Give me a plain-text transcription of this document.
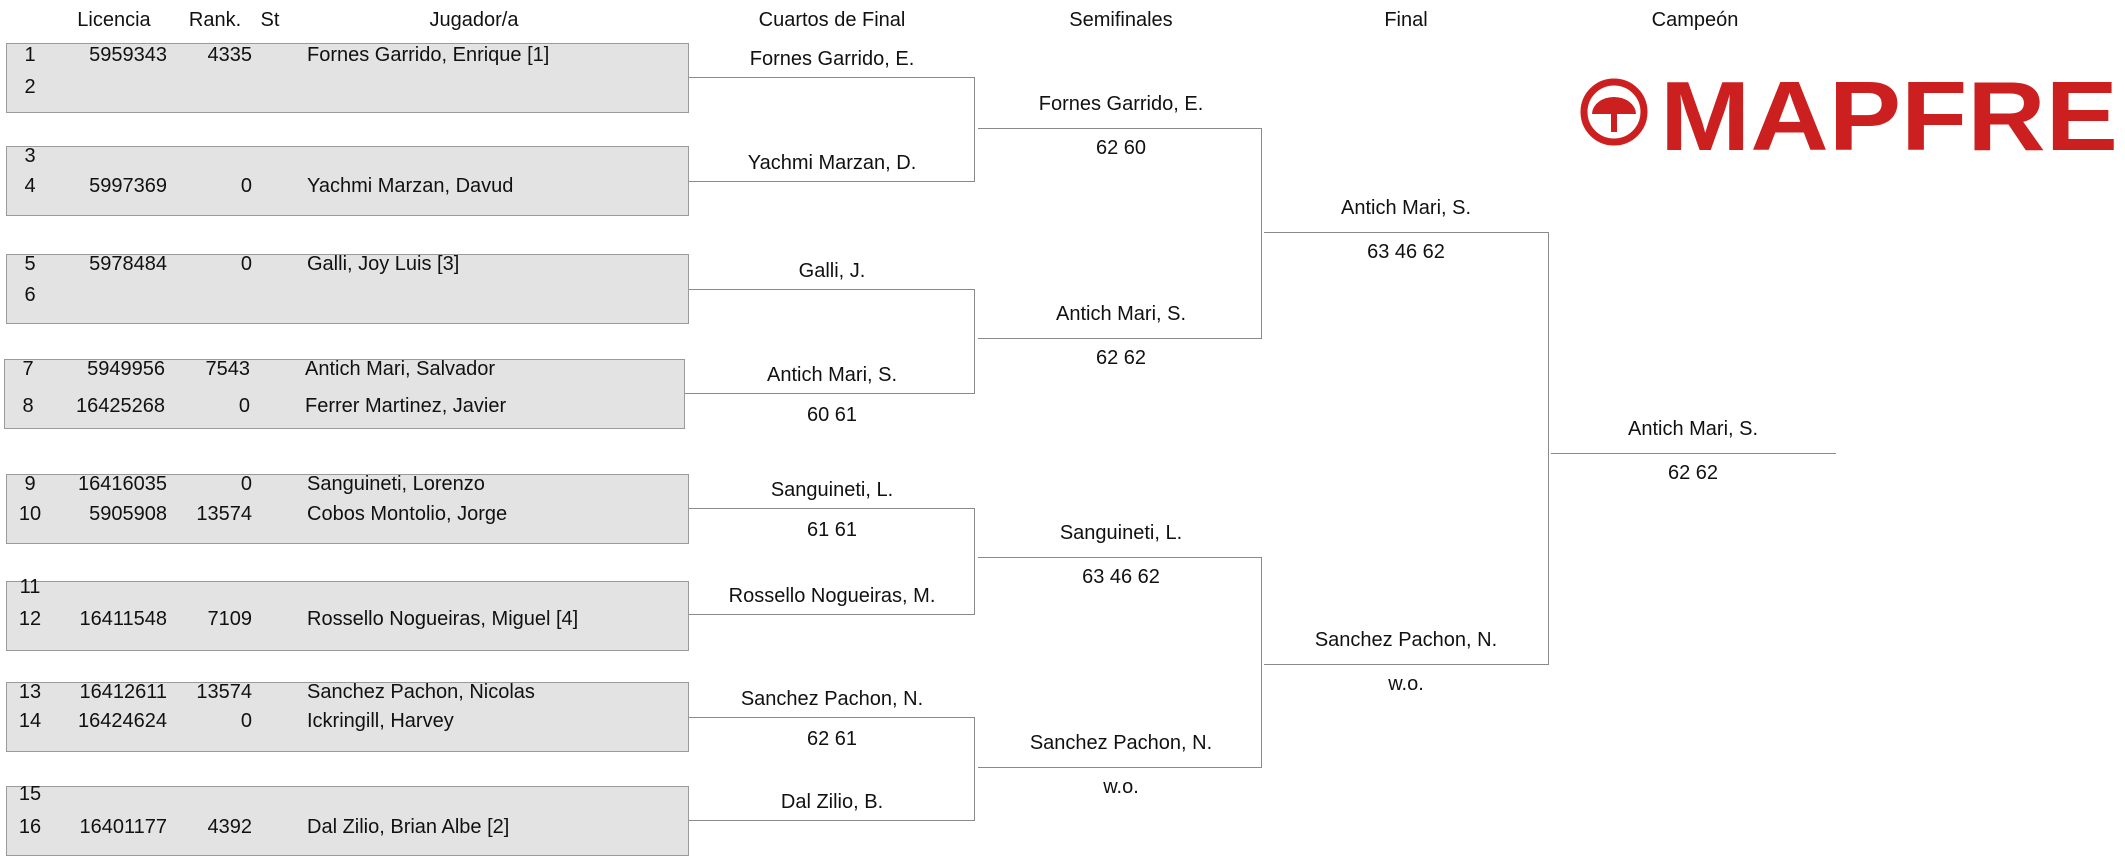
Licencia Rank. St	Jugador/a	Cuartos de Final	Semifinales	Final	Campeón
1	5959343	4335	Fornes Garrido, Enrique [1]
2
3
4	5997369	0	Yachmi Marzan, Davud
5	5978484	0	Galli, Joy Luis [3]
6
7	5949956	7543	Antich Mari, Salvador
8	16425268	0	Ferrer Martinez, Javier
9	16416035	0	Sanguineti, Lorenzo
10	5905908	13574	Cobos Montolio, Jorge
11
12	16411548	7109	Rossello Nogueiras, Miguel [4]
13	16412611	13574	Sanchez Pachon, Nicolas
14	16424624	0	Ickringill, Harvey
15
16	16401177	4392	Dal Zilio, Brian Albe [2]
Fornes Garrido, E.
Yachmi Marzan, D.
Galli, J.
Antich Mari, S.
60 61
Sanguineti, L.
61 61
Rossello Nogueiras, M.
Sanchez Pachon, N.
62 61
Dal Zilio, B.
Fornes Garrido, E.
62 60
Antich Mari, S.
62 62
Sanguineti, L.
63 46 62
Sanchez Pachon, N.
w.o.
Antich Mari, S.
63 46 62
Sanchez Pachon, N.
w.o.
Antich Mari, S.
62 62
MAPFRE
